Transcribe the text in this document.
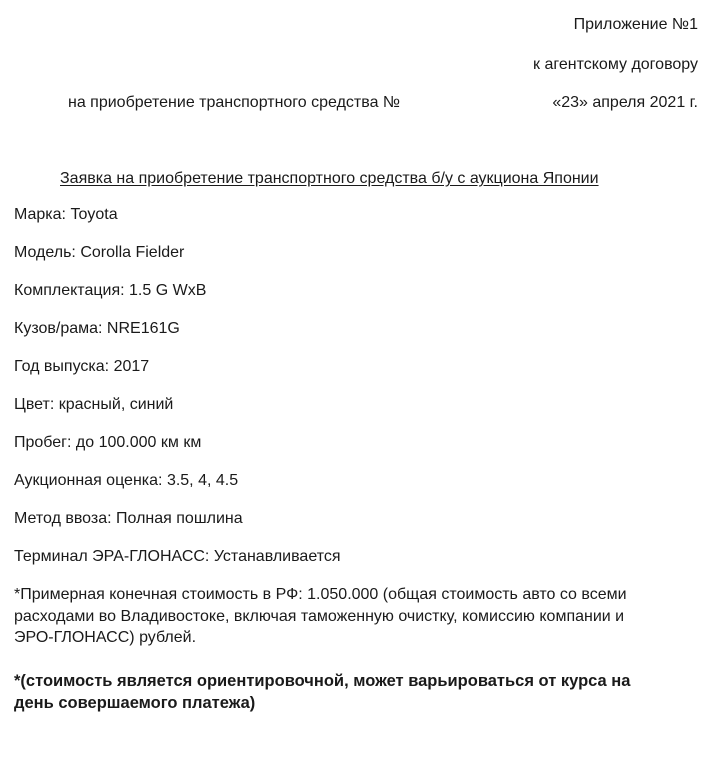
Приложение №1
к агентскому договору
на приобретение транспортного средства №	«23» апреля 2021 г.
Заявка на приобретение транспортного средства б/у с аукциона Японии
Марка: Toyota
Модель: Corolla Fielder
Комплектация: 1.5 G WxB
Кузов/рама: NRE161G
Год выпуска: 2017
Цвет: красный, синий
Пробег: до 100.000 км км
Аукционная оценка: 3.5, 4, 4.5
Метод ввоза: Полная пошлина
Терминал ЭРА-ГЛОНАСС: Устанавливается
*Примерная конечная стоимость в РФ: 1.050.000 (общая стоимость авто со всеми
расходами во Владивостоке, включая таможенную очистку, комиссию компании и
ЭРО-ГЛОНАСС) рублей.
*(стоимость является ориентировочной, может варьироваться от курса на
день совершаемого платежа)
